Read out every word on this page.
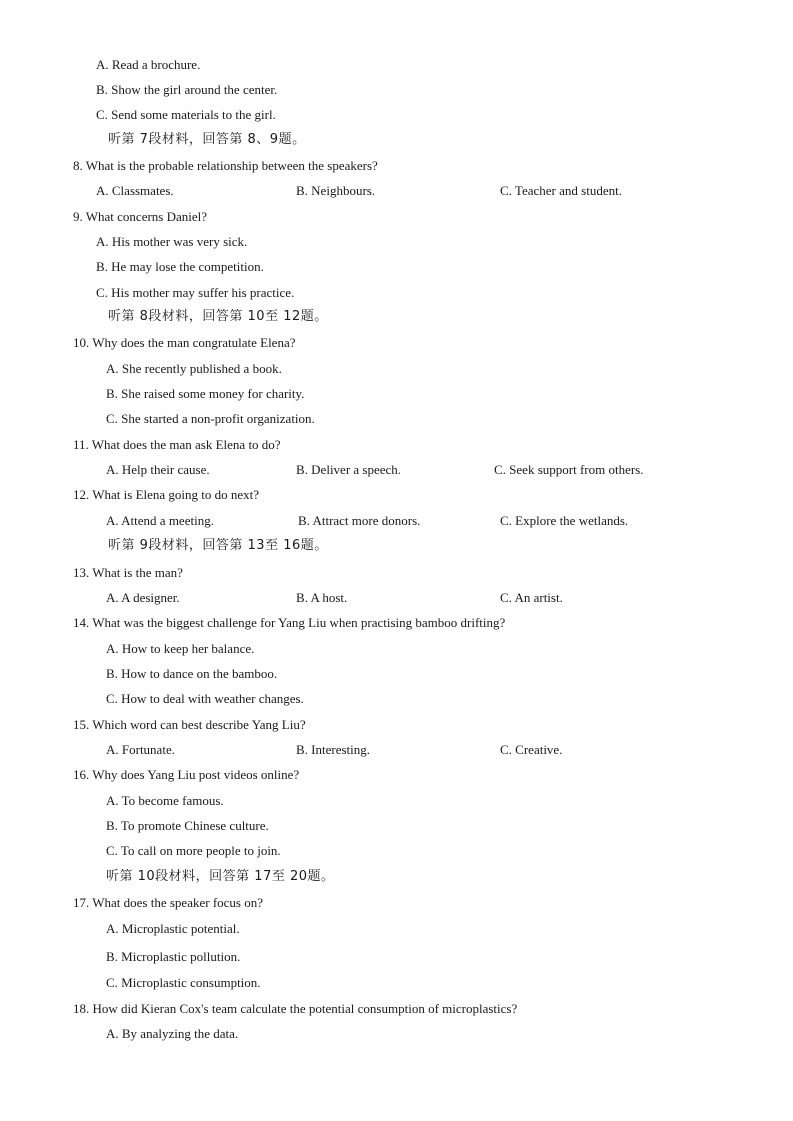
A. Read a brochure.
B. Show the girl around the center.
C. Send some materials to the girl.
听第 7段材料，回答第 8、9题。
8. What is the probable relationship between the speakers?
A. Classmates.	B. Neighbours.	C. Teacher and student.
9. What concerns Daniel?
A. His mother was very sick.
B. He may lose the competition.
C. His mother may suffer his practice.
听第 8段材料，回答第 10至 12题。
10. Why does the man congratulate Elena?
A. She recently published a book.
B. She raised some money for charity.
C. She started a non-profit organization.
11. What does the man ask Elena to do?
A. Help their cause.	B. Deliver a speech.	C. Seek support from others.
12. What is Elena going to do next?
A. Attend a meeting.	B. Attract more donors.	C. Explore the wetlands.
听第 9段材料，回答第 13至 16题。
13. What is the man?
A. A designer.	B. A host.	C. An artist.
14. What was the biggest challenge for Yang Liu when practising bamboo drifting?
A. How to keep her balance.
B. How to dance on the bamboo.
C. How to deal with weather changes.
15. Which word can best describe Yang Liu?
A. Fortunate.	B. Interesting.	C. Creative.
16. Why does Yang Liu post videos online?
A. To become famous.
B. To promote Chinese culture.
C. To call on more people to join.
听第 10段材料，回答第 17至 20题。
17. What does the speaker focus on?
A. Microplastic potential.
B. Microplastic pollution.
C. Microplastic consumption.
18. How did Kieran Cox's team calculate the potential consumption of microplastics?
A. By analyzing the data.
